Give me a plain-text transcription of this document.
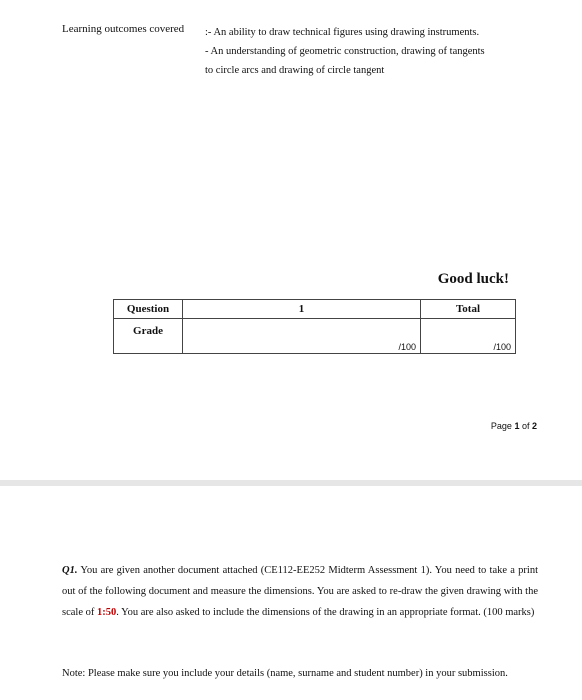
Learning outcomes covered :- An ability to draw technical figures using drawing instruments.
- An understanding of geometric construction, drawing of tangents
to circle arcs and drawing of circle tangent
Good luck!
Question	1	Total
Grade	/100	/100
Page 1 of 2
Q1. You are given another document attached (CE112-EE252 Midterm Assessment 1). You need to take a print out of the following document and measure the dimensions. You are asked to re-draw the given drawing with the scale of 1:50. You are also asked to include the dimensions of the drawing in an appropriate format. (100 marks)
Note: Please make sure you include your details (name, surname and student number) in your submission.
